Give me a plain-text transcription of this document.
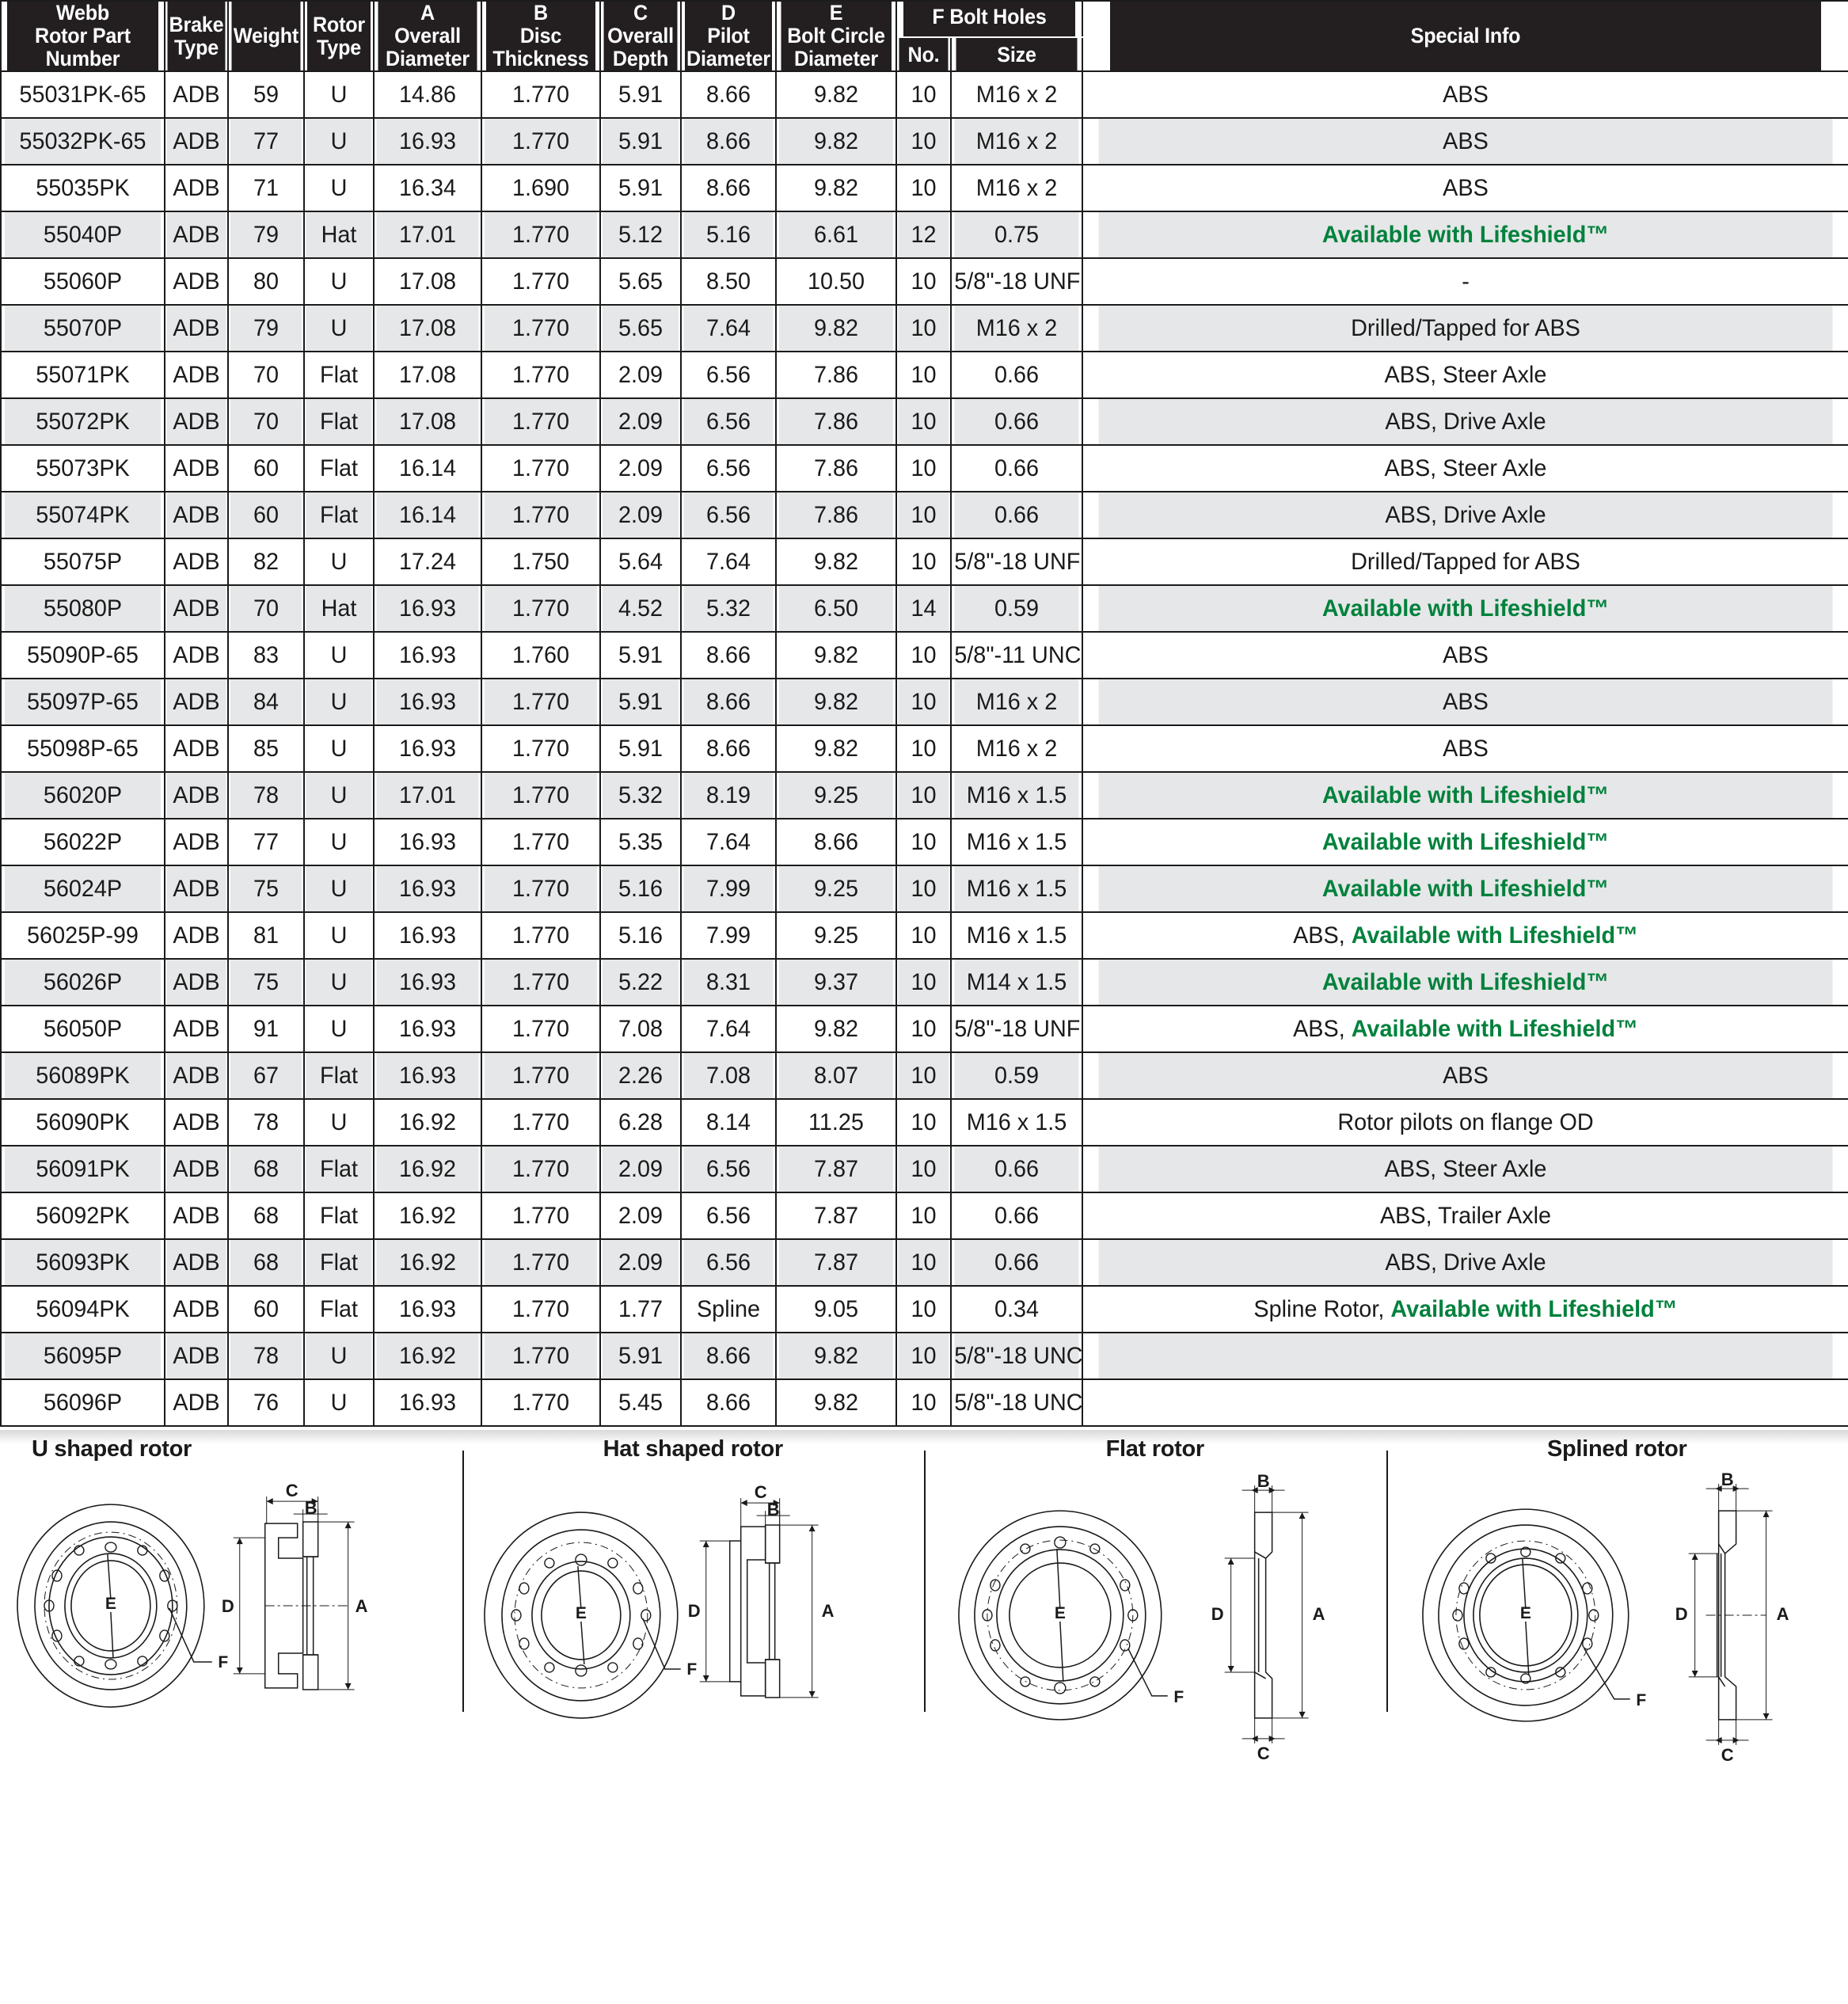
Webb
Rotor Part
Number	Brake
Type	Weight	Rotor
Type	A
Overall
Diameter	B
Disc
Thickness	C
Overall
Depth	D
Pilot
Diameter	E
Bolt Circle
Diameter	F Bolt Holes		Special Info
									No.	Size	
55031PK-65	ADB	59	U	14.86	1.770	5.91	8.66	9.82	10	M16 x 2	ABS
55032PK-65	ADB	77	U	16.93	1.770	5.91	8.66	9.82	10	M16 x 2	ABS
55035PK	ADB	71	U	16.34	1.690	5.91	8.66	9.82	10	M16 x 2	ABS
55040P	ADB	79	Hat	17.01	1.770	5.12	5.16	6.61	12	0.75	Available with Lifeshield™
55060P	ADB	80	U	17.08	1.770	5.65	8.50	10.50	10	5/8"-18 UNF	-
55070P	ADB	79	U	17.08	1.770	5.65	7.64	9.82	10	M16 x 2	Drilled/Tapped for ABS
55071PK	ADB	70	Flat	17.08	1.770	2.09	6.56	7.86	10	0.66	ABS, Steer Axle
55072PK	ADB	70	Flat	17.08	1.770	2.09	6.56	7.86	10	0.66	ABS, Drive Axle
55073PK	ADB	60	Flat	16.14	1.770	2.09	6.56	7.86	10	0.66	ABS, Steer Axle
55074PK	ADB	60	Flat	16.14	1.770	2.09	6.56	7.86	10	0.66	ABS, Drive Axle
55075P	ADB	82	U	17.24	1.750	5.64	7.64	9.82	10	5/8"-18 UNF	Drilled/Tapped for ABS
55080P	ADB	70	Hat	16.93	1.770	4.52	5.32	6.50	14	0.59	Available with Lifeshield™
55090P-65	ADB	83	U	16.93	1.760	5.91	8.66	9.82	10	5/8"-11 UNC	ABS
55097P-65	ADB	84	U	16.93	1.770	5.91	8.66	9.82	10	M16 x 2	ABS
55098P-65	ADB	85	U	16.93	1.770	5.91	8.66	9.82	10	M16 x 2	ABS
56020P	ADB	78	U	17.01	1.770	5.32	8.19	9.25	10	M16 x 1.5	Available with Lifeshield™
56022P	ADB	77	U	16.93	1.770	5.35	7.64	8.66	10	M16 x 1.5	Available with Lifeshield™
56024P	ADB	75	U	16.93	1.770	5.16	7.99	9.25	10	M16 x 1.5	Available with Lifeshield™
56025P-99	ADB	81	U	16.93	1.770	5.16	7.99	9.25	10	M16 x 1.5	ABS, Available with Lifeshield™
56026P	ADB	75	U	16.93	1.770	5.22	8.31	9.37	10	M14 x 1.5	Available with Lifeshield™
56050P	ADB	91	U	16.93	1.770	7.08	7.64	9.82	10	5/8"-18 UNF	ABS, Available with Lifeshield™
56089PK	ADB	67	Flat	16.93	1.770	2.26	7.08	8.07	10	0.59	ABS
56090PK	ADB	78	U	16.92	1.770	6.28	8.14	11.25	10	M16 x 1.5	Rotor pilots on flange OD
56091PK	ADB	68	Flat	16.92	1.770	2.09	6.56	7.87	10	0.66	ABS, Steer Axle
56092PK	ADB	68	Flat	16.92	1.770	2.09	6.56	7.87	10	0.66	ABS, Trailer Axle
56093PK	ADB	68	Flat	16.92	1.770	2.09	6.56	7.87	10	0.66	ABS, Drive Axle
56094PK	ADB	60	Flat	16.93	1.770	1.77	Spline	9.05	10	0.34	Spline Rotor, Available with Lifeshield™
56095P	ADB	78	U	16.92	1.770	5.91	8.66	9.82	10	5/8"-18 UNC	
56096P	ADB	76	U	16.93	1.770	5.45	8.66	9.82	10	5/8"-18 UNC	
U shaped rotor
E
F
C
B
D	A
Hat shaped rotor
E
F
C
B
D	A
Flat rotor
E
F
B
C
D	A
Splined rotor
E
F
B
C
D	A
